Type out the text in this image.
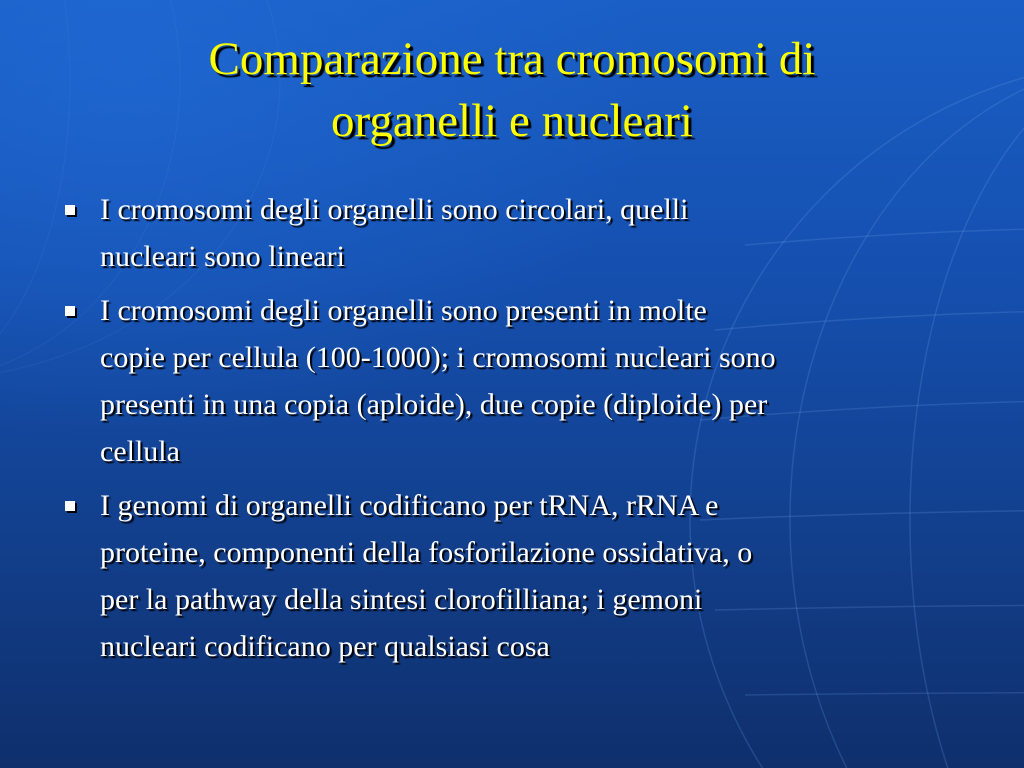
Comparazione tra cromosomi di
organelli e nucleari
I cromosomi degli organelli sono circolari, quelli
nucleari sono lineari
I cromosomi degli organelli sono presenti in molte
copie per cellula (100-1000); i cromosomi nucleari sono
presenti in una copia (aploide), due copie (diploide) per
cellula
I genomi di organelli codificano per tRNA, rRNA e
proteine, componenti della fosforilazione ossidativa, o
per la pathway della sintesi clorofilliana; i gemoni
nucleari codificano per qualsiasi cosa
